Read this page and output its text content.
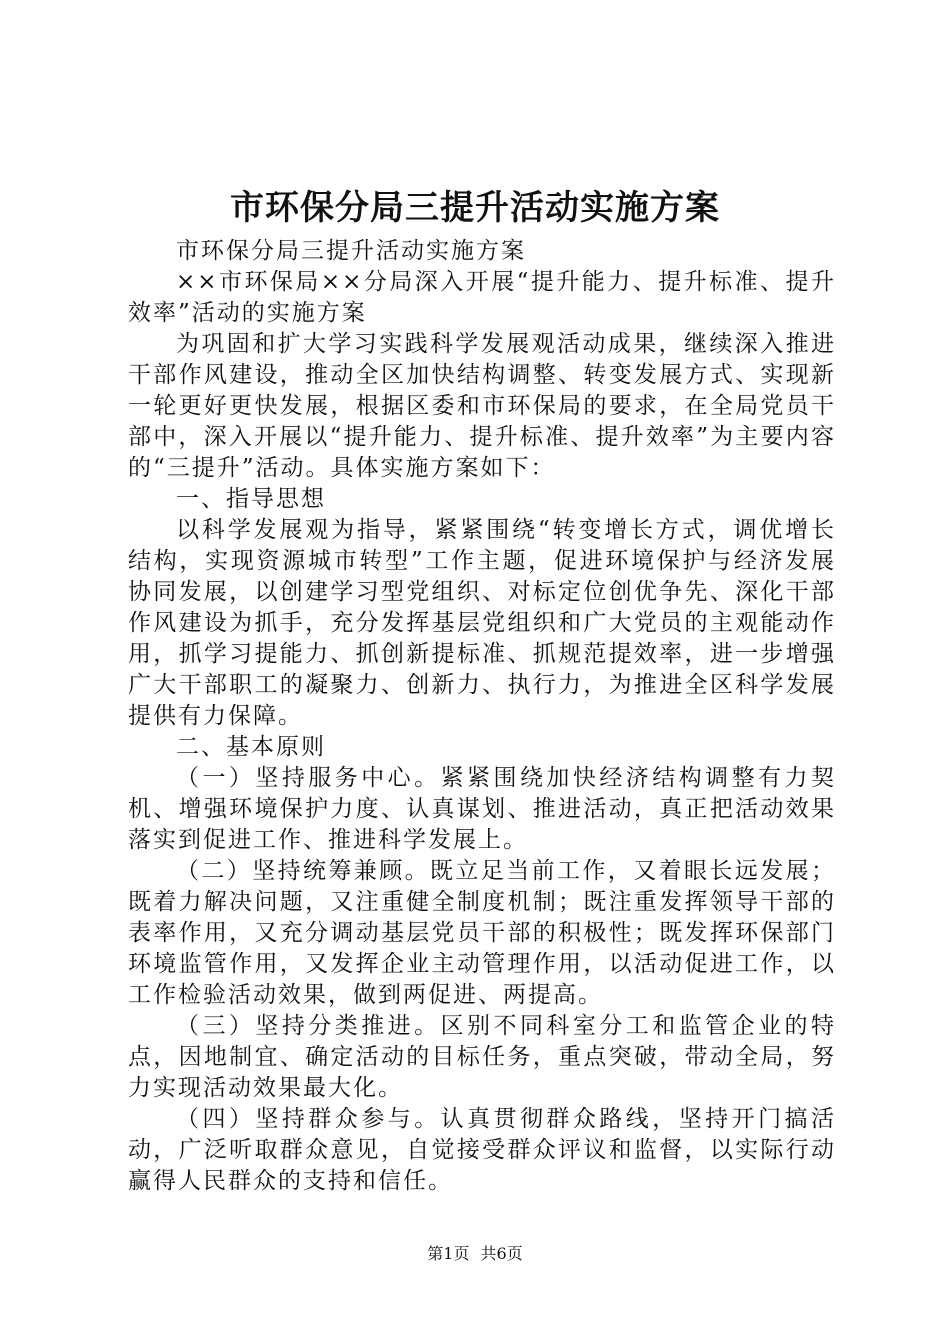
市环保分局三提升活动实施方案

市环保分局三提升活动实施方案

××市环保局××分局深入开展“提升能力、提升标准、提升效率”活动的实施方案

为巩固和扩大学习实践科学发展观活动成果，继续深入推进干部作风建设，推动全区加快结构调整、转变发展方式、实现新一轮更好更快发展，根据区委和市环保局的要求，在全局党员干部中，深入开展以“提升能力、提升标准、提升效率”为主要内容的“三提升”活动。具体实施方案如下：

一、指导思想

以科学发展观为指导，紧紧围绕“转变增长方式，调优增长结构，实现资源城市转型”工作主题，促进环境保护与经济发展协同发展，以创建学习型党组织、对标定位创优争先、深化干部作风建设为抓手，充分发挥基层党组织和广大党员的主观能动作用，抓学习提能力、抓创新提标准、抓规范提效率，进一步增强广大干部职工的凝聚力、创新力、执行力，为推进全区科学发展提供有力保障。

二、基本原则

（一）坚持服务中心。紧紧围绕加快经济结构调整有力契机、增强环境保护力度、认真谋划、推进活动，真正把活动效果落实到促进工作、推进科学发展上。

（二）坚持统筹兼顾。既立足当前工作，又着眼长远发展；既着力解决问题，又注重健全制度机制；既注重发挥领导干部的表率作用，又充分调动基层党员干部的积极性；既发挥环保部门环境监管作用，又发挥企业主动管理作用，以活动促进工作，以工作检验活动效果，做到两促进、两提高。

（三）坚持分类推进。区别不同科室分工和监管企业的特点，因地制宜、确定活动的目标任务，重点突破，带动全局，努力实现活动效果最大化。

（四）坚持群众参与。认真贯彻群众路线，坚持开门搞活动，广泛听取群众意见，自觉接受群众评议和监督，以实际行动赢得人民群众的支持和信任。

第1页 共6页
